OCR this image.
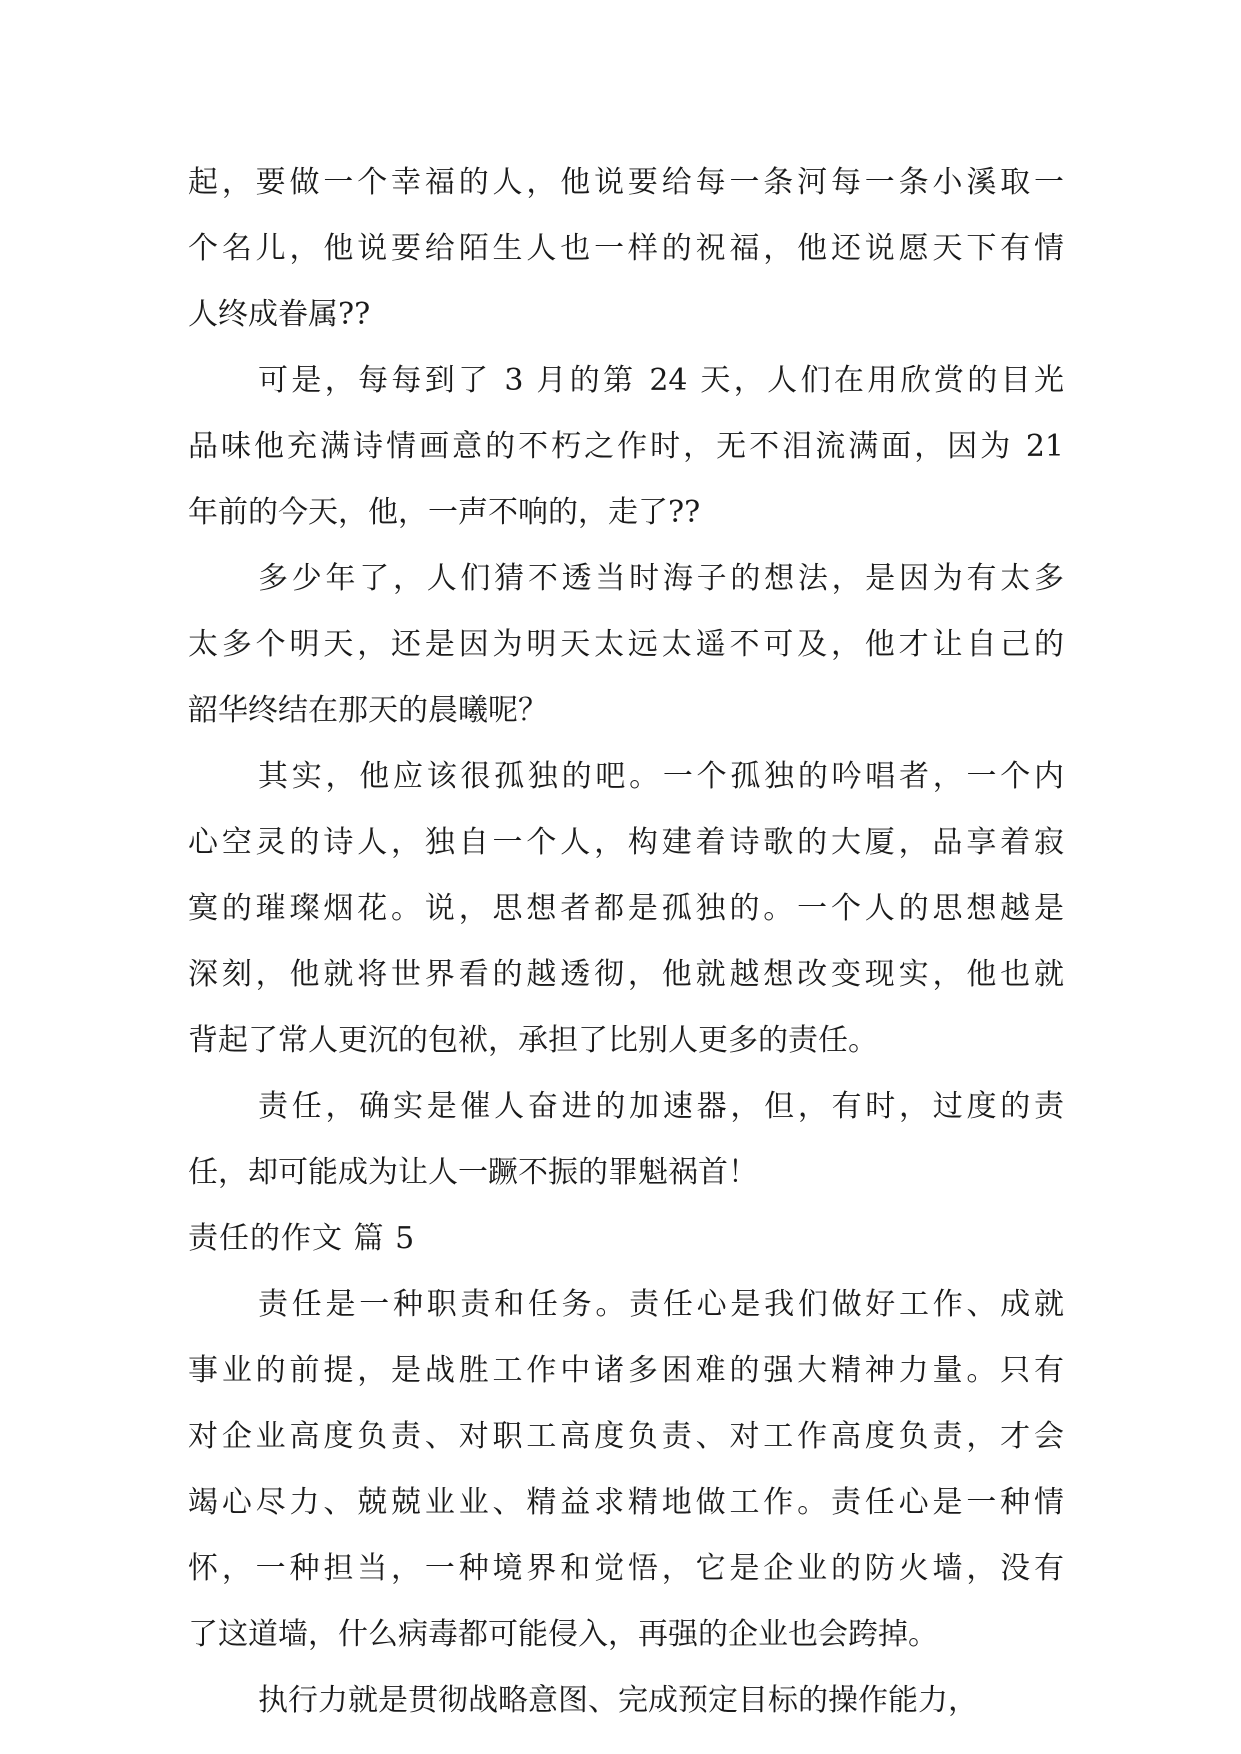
起，要做一个幸福的人，他说要给每一条河每一条小溪取一
个名儿，他说要给陌生人也一样的祝福，他还说愿天下有情
人终成眷属??
可是，每每到了 3 月的第 24 天，人们在用欣赏的目光
品味他充满诗情画意的不朽之作时，无不泪流满面，因为 21
年前的今天，他，一声不响的，走了??
多少年了，人们猜不透当时海子的想法，是因为有太多
太多个明天，还是因为明天太远太遥不可及，他才让自己的
韶华终结在那天的晨曦呢？
其实，他应该很孤独的吧。一个孤独的吟唱者，一个内
心空灵的诗人，独自一个人，构建着诗歌的大厦，品享着寂
寞的璀璨烟花。说，思想者都是孤独的。一个人的思想越是
深刻，他就将世界看的越透彻，他就越想改变现实，他也就
背起了常人更沉的包袱，承担了比别人更多的责任。
责任，确实是催人奋进的加速器，但，有时，过度的责
任，却可能成为让人一蹶不振的罪魁祸首！
责任的作文 篇 5
责任是一种职责和任务。责任心是我们做好工作、成就
事业的前提，是战胜工作中诸多困难的强大精神力量。只有
对企业高度负责、对职工高度负责、对工作高度负责，才会
竭心尽力、兢兢业业、精益求精地做工作。责任心是一种情
怀，一种担当，一种境界和觉悟，它是企业的防火墙，没有
了这道墙，什么病毒都可能侵入，再强的企业也会跨掉。
执行力就是贯彻战略意图、完成预定目标的操作能力，
